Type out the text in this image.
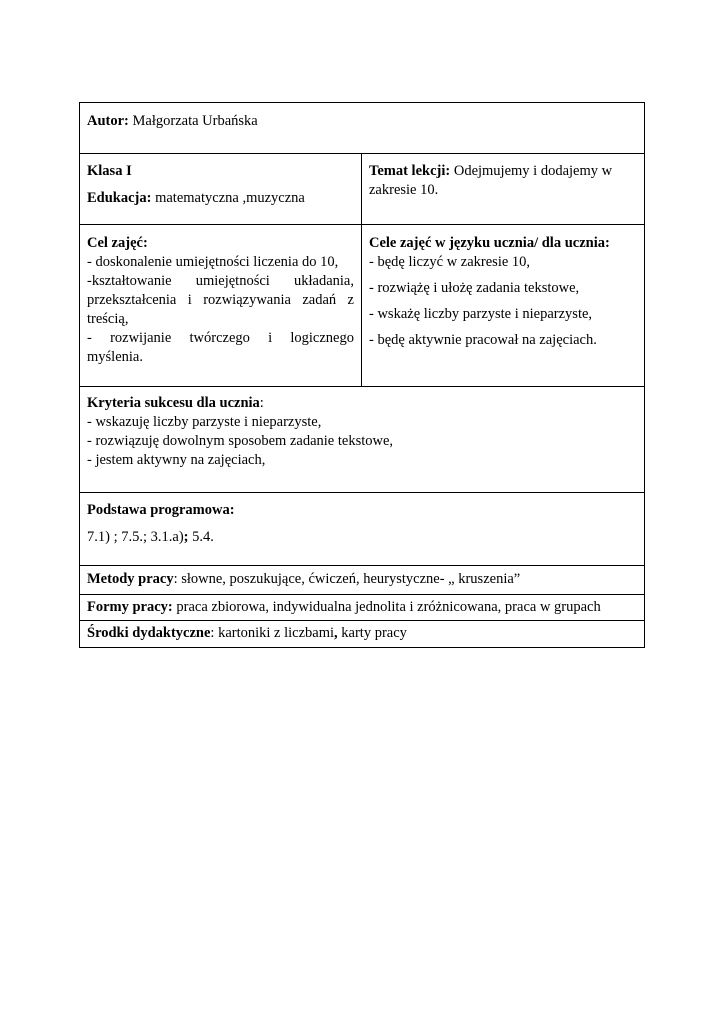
Autor: Małgorzata Urbańska	

Klasa I

Edukacja: matematyczna ,muzyczna	Temat lekcji: Odejmujemy i dodajemy w zakresie 10.

Cel zajęć:
- doskonalenie umiejętności liczenia do 10,
-kształtowanie umiejętności układania, przekształcenia i rozwiązywania zadań z treścią,
- rozwijanie twórczego i logicznego myślenia.	Cele zajęć w języku ucznia/ dla ucznia:
- będę liczyć w zakresie 10,
- rozwiążę i ułożę zadania tekstowe,
- wskażę liczby parzyste i nieparzyste,
- będę aktywnie pracował na zajęciach.

Kryteria sukcesu dla ucznia:
- wskazuję liczby parzyste i nieparzyste,
- rozwiązuję dowolnym sposobem zadanie tekstowe,
- jestem aktywny na zajęciach,	

Podstawa programowa:

7.1) ; 7.5.; 3.1.a); 5.4.	

Metody pracy: słowne, poszukujące, ćwiczeń, heurystyczne- „ kruszenia”	
Formy pracy: praca zbiorowa, indywidualna jednolita i zróżnicowana, praca w grupach	
Środki dydaktyczne: kartoniki z liczbami, karty pracy	
